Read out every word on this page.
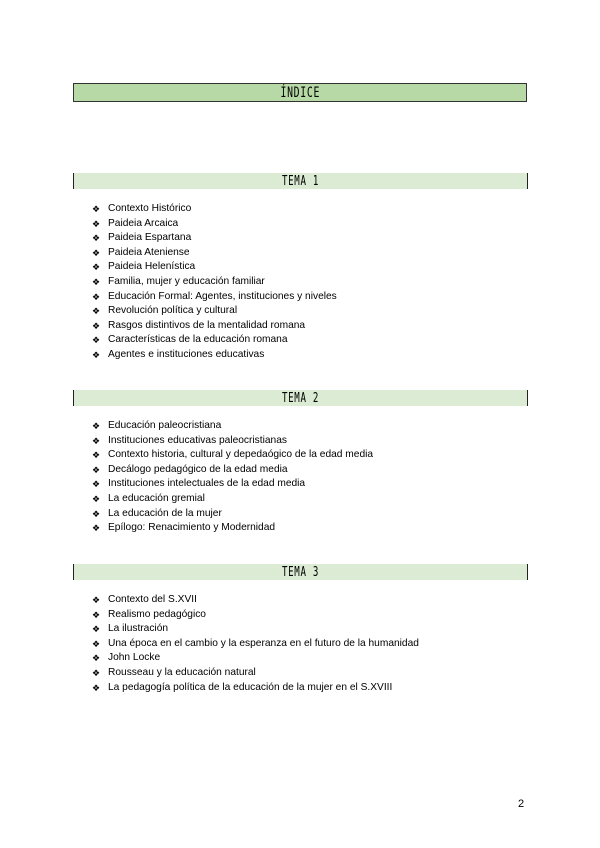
ÍNDICE
TEMA 1
❖ Contexto Histórico
❖ Paideia Arcaica
❖ Paideia Espartana
❖ Paideia Ateniense
❖ Paideia Helenística
❖ Familia, mujer y educación familiar
❖ Educación Formal: Agentes, instituciones y niveles
❖ Revolución política y cultural
❖ Rasgos distintivos de la mentalidad romana
❖ Características de la educación romana
❖ Agentes e instituciones educativas
TEMA 2
❖ Educación paleocristiana
❖ Instituciones educativas paleocristianas
❖ Contexto historia, cultural y depedaógico de la edad media
❖ Decálogo pedagógico de la edad media
❖ Instituciones intelectuales de la edad media
❖ La educación gremial
❖ La educación de la mujer
❖ Epílogo: Renacimiento y Modernidad
TEMA 3
❖ Contexto del S.XVII
❖ Realismo pedagógico
❖ La ilustración
❖ Una época en el cambio y la esperanza en el futuro de la humanidad
❖ John Locke
❖ Rousseau y la educación natural
❖ La pedagogía política de la educación de la mujer en el S.XVIII
2
